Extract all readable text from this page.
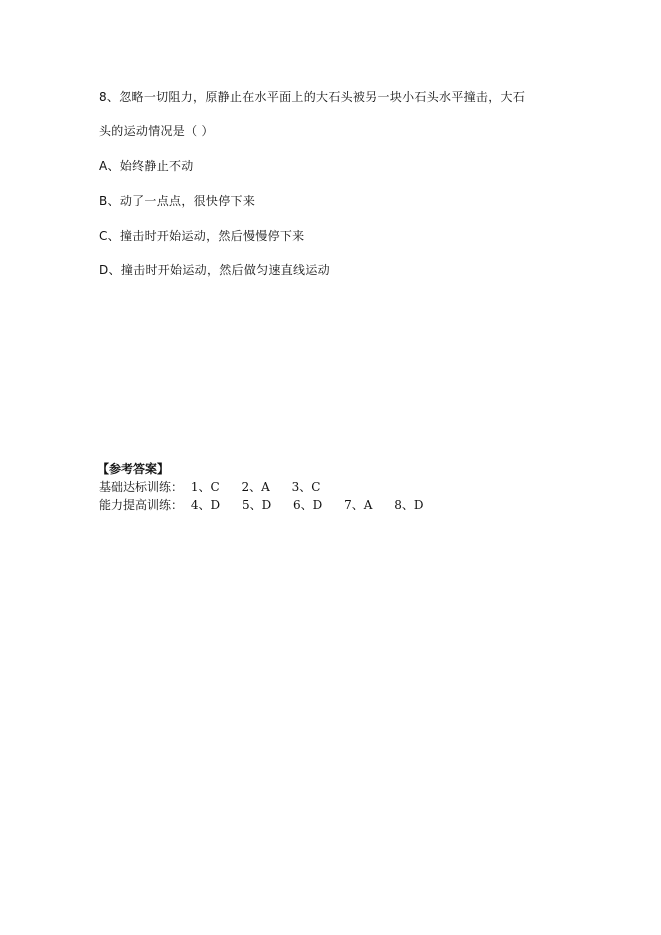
8、忽略一切阻力，原静止在水平面上的大石头被另一块小石头水平撞击，大石
头的运动情况是（ ）
A、始终静止不动
B、动了一点点，很快停下来
C、撞击时开始运动，然后慢慢停下来
D、撞击时开始运动，然后做匀速直线运动
【参考答案】
基础达标训练： 1、C 2、A 3、C
能力提高训练： 4、D 5、D 6、D 7、A 8、D
